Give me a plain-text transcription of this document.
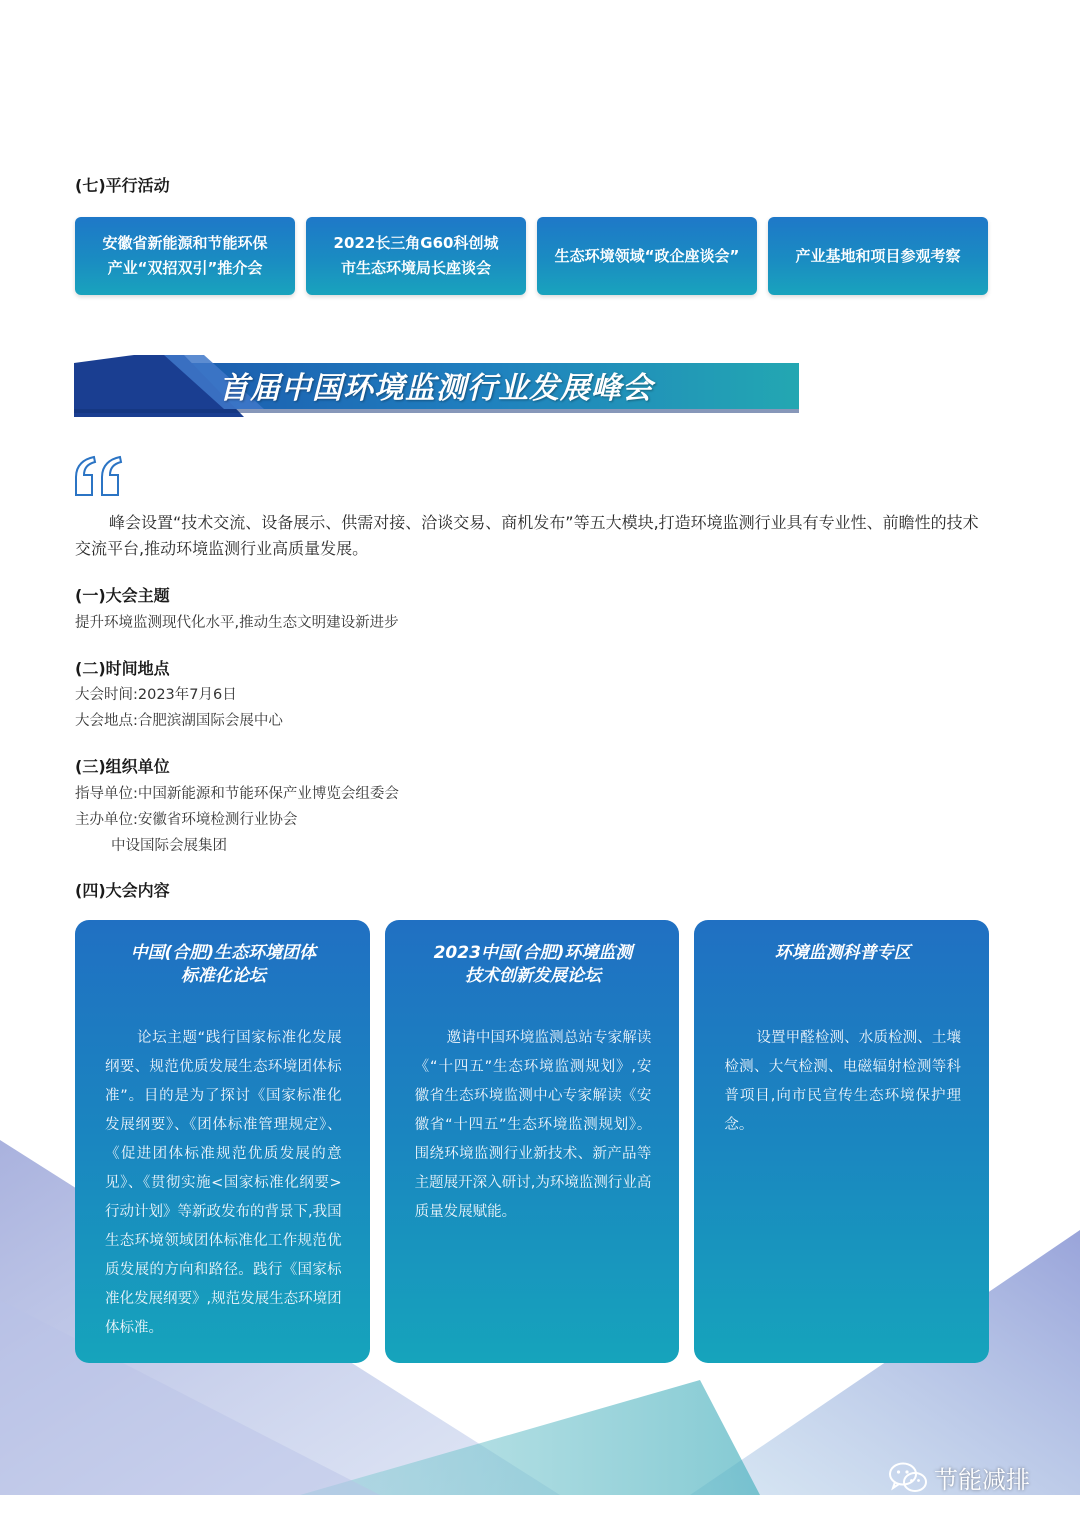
(七)平行活动
安徽省新能源和节能环保
产业“双招双引”推介会
2022长三角G60科创城
市生态环境局长座谈会
生态环境领域“政企座谈会”	产业基地和项目参观考察
首届中国环境监测行业发展峰会
峰会设置“技术交流、设备展示、供需对接、洽谈交易、商机发布”等五大模块,打造环境监测行业具有专业性、前瞻性的技术交流平台,推动环境监测行业高质量发展。
(一)大会主题
提升环境监测现代化水平,推动生态文明建设新进步
(二)时间地点
大会时间:2023年7月6日
大会地点:合肥滨湖国际会展中心
(三)组织单位
指导单位:中国新能源和节能环保产业博览会组委会
主办单位:安徽省环境检测行业协会
中设国际会展集团
(四)大会内容
中国(合肥)生态环境团体
标准化论坛
论坛主题“践行国家标准化发展纲要、规范优质发展生态环境团体标准”。目的是为了探讨《国家标准化发展纲要》、《团体标准管理规定》、《促进团体标准规范优质发展的意见》、《贯彻实施<国家标准化纲要>行动计划》等新政发布的背景下,我国生态环境领域团体标准化工作规范优质发展的方向和路径。践行《国家标准化发展纲要》,规范发展生态环境团体标准。
2023中国(合肥)环境监测
技术创新发展论坛
邀请中国环境监测总站专家解读《“十四五”生态环境监测规划》,安徽省生态环境监测中心专家解读《安徽省“十四五”生态环境监测规划》。围绕环境监测行业新技术、新产品等主题展开深入研讨,为环境监测行业高质量发展赋能。
环境监测科普专区
设置甲醛检测、水质检测、土壤检测、大气检测、电磁辐射检测等科普项目,向市民宣传生态环境保护理念。
节能减排
